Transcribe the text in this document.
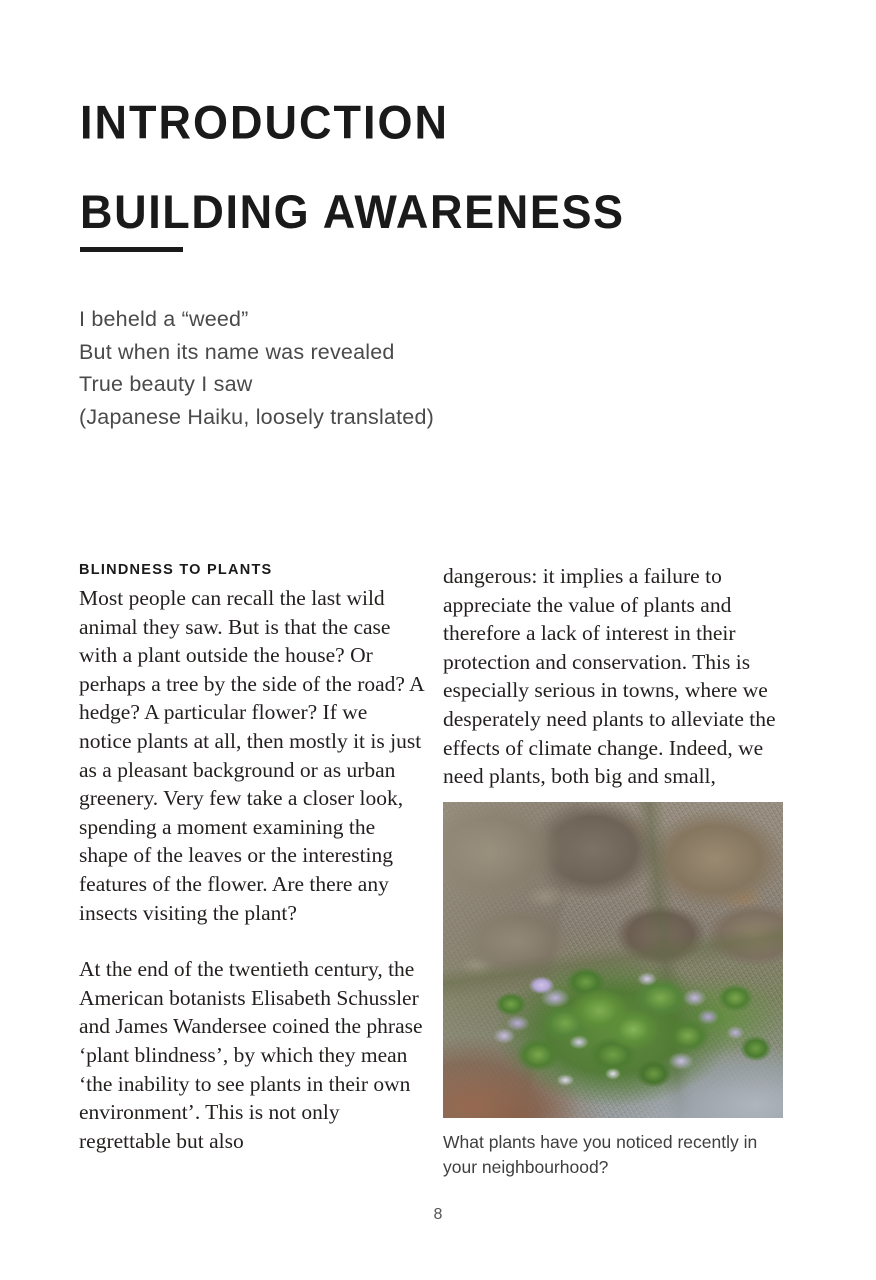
INTRODUCTION
BUILDING AWARENESS
I beheld a “weed”
But when its name was revealed
True beauty I saw
(Japanese Haiku, loosely translated)

BLINDNESS TO PLANTS

Most people can recall the last wild animal they saw. But is that the case with a plant outside the house? Or perhaps a tree by the side of the road? A hedge? A particular flower? If we notice plants at all, then mostly it is just as a pleasant background or as urban greenery. Very few take a closer look, spending a moment examining the shape of the leaves or the interesting features of the flower. Are there any insects visiting the plant?

At the end of the twentieth century, the American botanists Elisabeth Schussler and James Wandersee coined the phrase ‘plant blindness’, by which they mean ‘the inability to see plants in their own environment’. This is not only regrettable but also

dangerous: it implies a failure to appreciate the value of plants and therefore a lack of interest in their protection and conservation. This is especially serious in towns, where we desperately need plants to alleviate the effects of climate change. Indeed, we need plants, both big and small,

What plants have you noticed recently in your neighbourhood?
8
